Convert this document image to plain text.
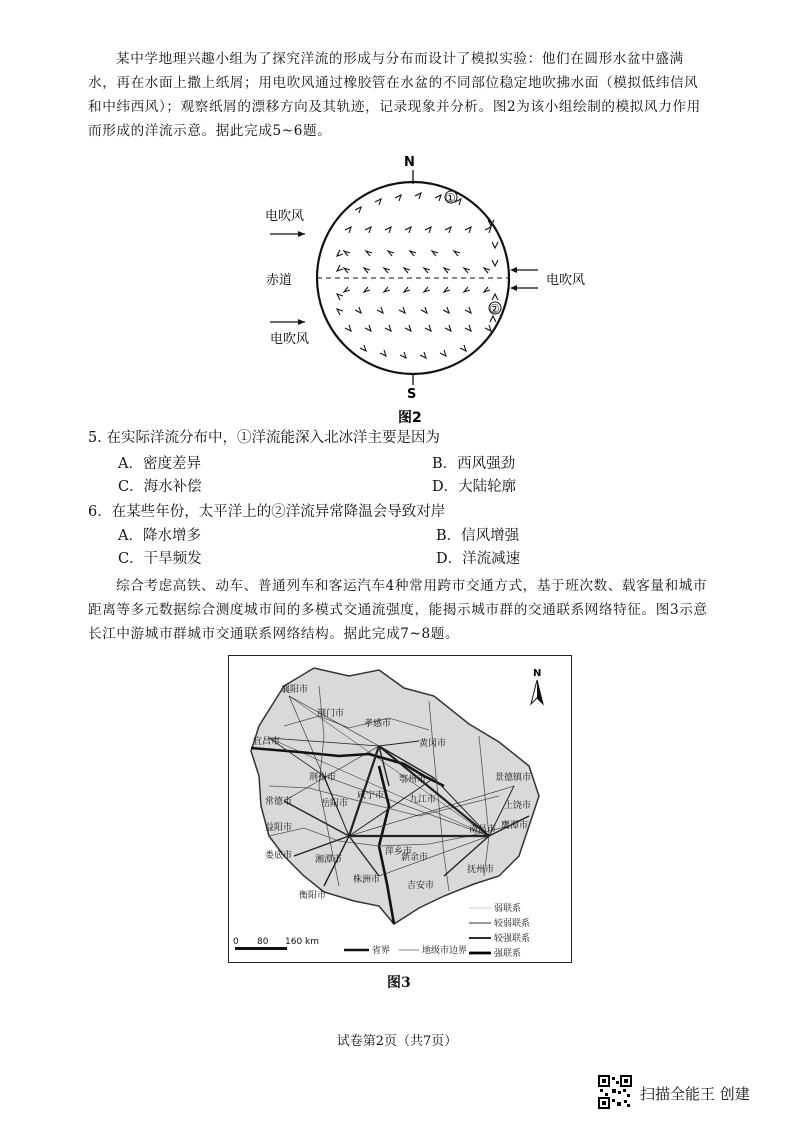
某中学地理兴趣小组为了探究洋流的形成与分布而设计了模拟实验：他们在圆形水盆中盛满水，再在水面上撒上纸屑；用电吹风通过橡胶管在水盆的不同部位稳定地吹拂水面（模拟低纬信风和中纬西风）；观察纸屑的漂移方向及其轨迹，记录现象并分析。图2为该小组绘制的模拟风力作用而形成的洋流示意。据此完成5~6题。
N
S
①
②
电吹风
赤道
电吹风
电吹风
图2
5. 在实际洋流分布中，①洋流能深入北冰洋主要是因为
A．密度差异	B．西风强劲
C．海水补偿	D．大陆轮廓
6．在某些年份，太平洋上的②洋流异常降温会导致对岸
A．降水增多	B．信风增强
C．干旱频发	D．洋流减速
综合考虑高铁、动车、普通列车和客运汽车4种常用跨市交通方式，基于班次数、载客量和城市距离等多元数据综合测度城市间的多模式交通流强度，能揭示城市群的交通联系网络特征。图3示意长江中游城市群城市交通联系网络结构。据此完成7~8题。
襄阳市
荆门市
孝感市
宜昌市	黄冈市
荆州市	鄂州市	景德镇市
常德市	岳阳市
咸宁市	九江市
上饶市
益阳市	南昌市 鹰潭市
娄底市	湘潭市
株洲市
新余市
抚州市
衡阳市
萍乡市
吉安市
N
弱联系
较弱联系
较强联系
强联系
0 80 160 km
省界	地级市边界
图3
试卷第2页（共7页）
扫描全能王 创建
